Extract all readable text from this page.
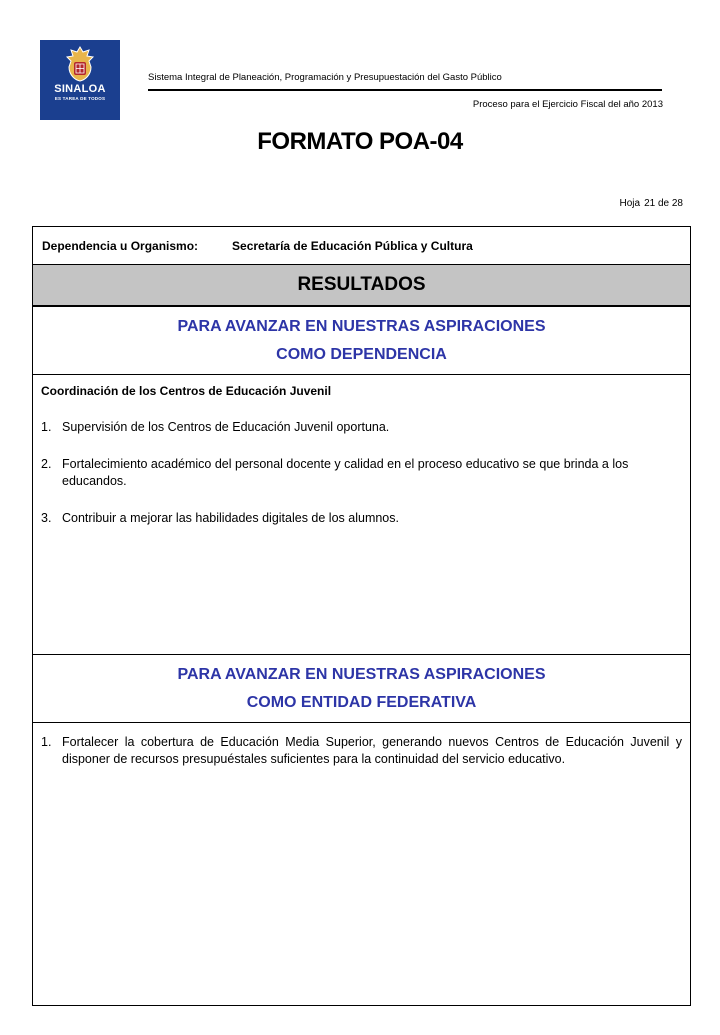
SINALOA
ES TAREA DE TODOS
Sistema Integral de Planeación, Programación y Presupuestación del Gasto Público
Proceso para el Ejercicio Fiscal del año 2013
FORMATO POA-04
Hoja 21 de 28
Dependencia u Organismo:	Secretaría de Educación Pública y Cultura
RESULTADOS
PARA AVANZAR EN NUESTRAS ASPIRACIONES
COMO DEPENDENCIA
Coordinación de los Centros de Educación Juvenil
1. Supervisión de los Centros de Educación Juvenil oportuna.
2. Fortalecimiento académico del personal docente y calidad en el proceso educativo se que brinda a los educandos.
3. Contribuir a mejorar las habilidades digitales de los alumnos.
PARA AVANZAR EN NUESTRAS ASPIRACIONES
COMO ENTIDAD FEDERATIVA
1. Fortalecer la cobertura de Educación Media Superior, generando nuevos Centros de Educación Juvenil y disponer de recursos presupuéstales suficientes para la continuidad del servicio educativo.
